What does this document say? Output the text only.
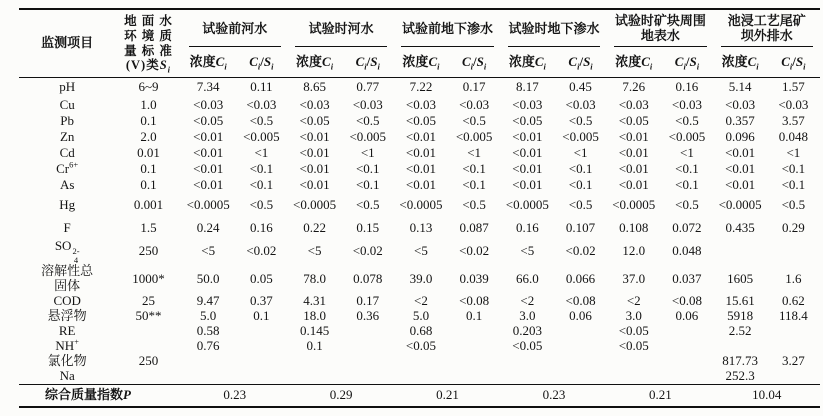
监测项目	地 面 水
环 境 质
量 标 准
(V)类$S_i$	试验前河水		试验时河水		试验前地下渗水		试验时地下渗水		试验时矿块周围
地表水		池浸工艺尾矿
坝外排水	

		浓度$C_i$	$C_i/S_i$	浓度$C_i$	$C_i/S_i$	浓度$C_i$	$C_i/S_i$	浓度$C_i$	$C_i/S_i$	浓度$C_i$	$C_i/S_i$	浓度$C_i$	$C_i/S_i$
pH	6~9	7.34	0.11	8.65	0.77	7.22	0.17	8.17	0.45	7.26	0.16	5.14	1.57
Cu	1.0	<0.03	<0.03	<0.03	<0.03	<0.03	<0.03	<0.03	<0.03	<0.03	<0.03	<0.03	<0.03
Pb	0.1	<0.05	<0.5	<0.05	<0.5	<0.05	<0.5	<0.05	<0.5	<0.05	<0.5	0.357	3.57
Zn	2.0	<0.01	<0.005	<0.01	<0.005	<0.01	<0.005	<0.01	<0.005	<0.01	<0.005	0.096	0.048
Cd	0.01	<0.01	<1	<0.01	<1	<0.01	<1	<0.01	<1	<0.01	<1	<0.01	<1
$Cr^{6+}$	0.1	<0.01	<0.1	<0.01	<0.1	<0.01	<0.1	<0.01	<0.1	<0.01	<0.1	<0.01	<0.1
As	0.1	<0.01	<0.1	<0.01	<0.1	<0.01	<0.1	<0.01	<0.1	<0.01	<0.1	<0.01	<0.1
Hg	0.001	<0.0005	<0.5	<0.0005	<0.5	<0.0005	<0.5	<0.0005	<0.5	<0.0005	<0.5	<0.0005	<0.5
F	1.5	0.24	0.16	0.22	0.15	0.13	0.087	0.16	0.107	0.108	0.072	0.435	0.29
SO 2-
4	250	<5	<0.02	<5	<0.02	<5	<0.02	<5	<0.02	12.0	0.048		
溶解性总
固体	1000*	50.0	0.05	78.0	0.078	39.0	0.039	66.0	0.066	37.0	0.037	1605	1.6
COD	25	9.47	0.37	4.31	0.17	<2	<0.08	<2	<0.08	<2	<0.08	15.61	0.62
悬浮物	50**	5.0	0.1	18.0	0.36	5.0	0.1	3.0	0.06	3.0	0.06	5918	118.4
RE		0.58		0.145		0.68		0.203		<0.05		2.52	
NH+		0.76		0.1		<0.05		<0.05		<0.05			
氯化物	250											817.73	3.27
Na												252.3	
综合质量指数P		0.23		0.29		0.21		0.23		0.21		10.04	
